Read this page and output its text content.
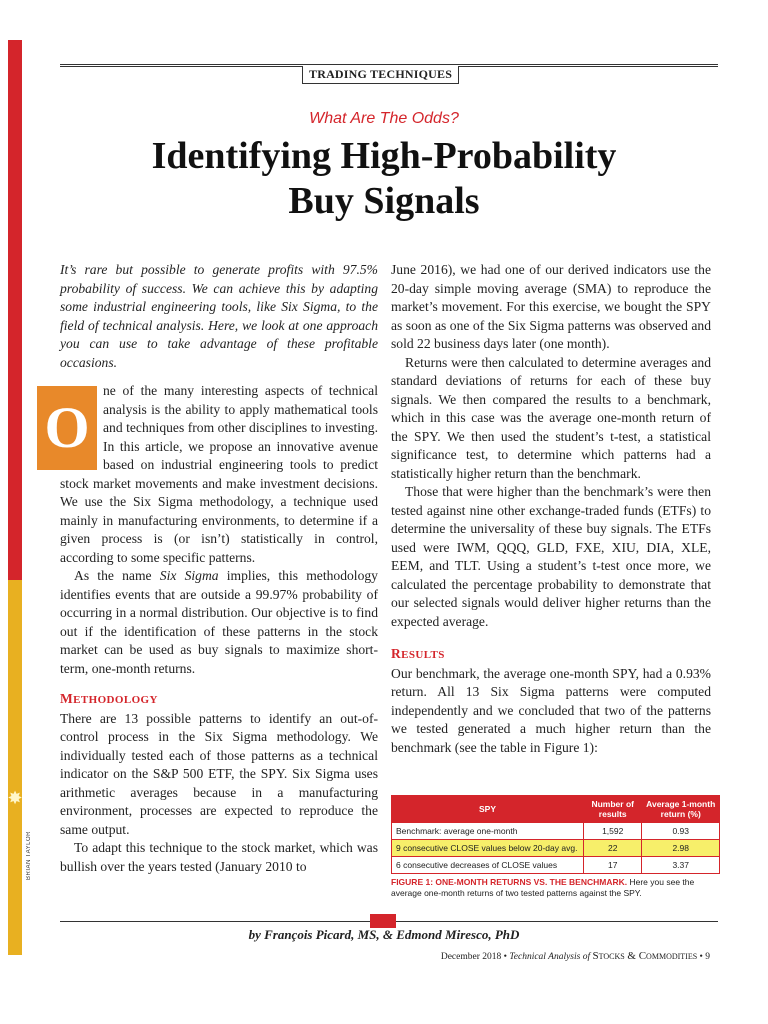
✸
BRIAN TAYLOR
TRADING TECHNIQUES
What Are The Odds?
Identifying High-Probability
Buy Signals

It’s rare but possible to generate profits with 97.5% probability of success. We can achieve this by adapting some industrial engineering tools, like Six Sigma, to the field of technical analysis. Here, we look at one approach you can use to take advantage of these profitable occasions.

O

ne of the many interesting aspects of technical analysis is the ability to apply mathematical tools and techniques from other disciplines to investing. In this article, we propose an innovative avenue based on industrial engineering tools to predict stock market movements and make investment decisions. We use the Six Sigma methodology, a technique used mainly in manufacturing environments, to determine if a given process is (or isn’t) statistically in control, according to some specific patterns.

As the name Six Sigma implies, this methodology identifies events that are outside a 99.97% probability of occurring in a normal distribution. Our objective is to find out if the identification of these patterns in the stock market can be used as buy signals to maximize short-term, one-month returns.

METHODOLOGY

There are 13 possible patterns to identify an out-of-control process in the Six Sigma methodology. We individually tested each of those patterns as a technical indicator on the S&P 500 ETF, the SPY. Six Sigma uses arithmetic averages because in a manufacturing environment, processes are expected to reproduce the same output.

To adapt this technique to the stock market, which was bullish over the years tested (January 2010 to

June 2016), we had one of our derived indicators use the 20-day simple moving average (SMA) to reproduce the market’s movement. For this exercise, we bought the SPY as soon as one of the Six Sigma patterns was observed and sold 22 business days later (one month).

Returns were then calculated to determine averages and standard deviations of returns for each of these buy signals. We then compared the results to a benchmark, which in this case was the average one-month return of the SPY. We then used the student’s t-test, a statistical significance test, to determine which patterns had a statistically higher return than the benchmark.

Those that were higher than the benchmark’s were then tested against nine other exchange-traded funds (ETFs) to determine the universality of these buy signals. The ETFs used were IWM, QQQ, GLD, FXE, XIU, DIA, XLE, EEM, and TLT. Using a student’s t-test once more, we calculated the percentage probability to demonstrate that our selected signals would deliver higher returns than the expected average.

RESULTS

Our benchmark, the average one-month SPY, had a 0.93% return. All 13 Six Sigma patterns were computed independently and we concluded that two of the patterns we tested generated a much higher return than the benchmark (see the table in Figure 1):

SPY	Number of results	Average 1-month return (%)
Benchmark: average one-month	1,592	0.93
9 consecutive CLOSE values below 20-day avg.	22	2.98
6 consecutive decreases of CLOSE values	17	3.37
FIGURE 1: ONE-MONTH RETURNS VS. THE BENCHMARK. Here you see the average one-month returns of two tested patterns against the SPY.
by François Picard, MS, & Edmond Miresco, PhD
December 2018 • Technical Analysis of Stocks & Commodities • 9
